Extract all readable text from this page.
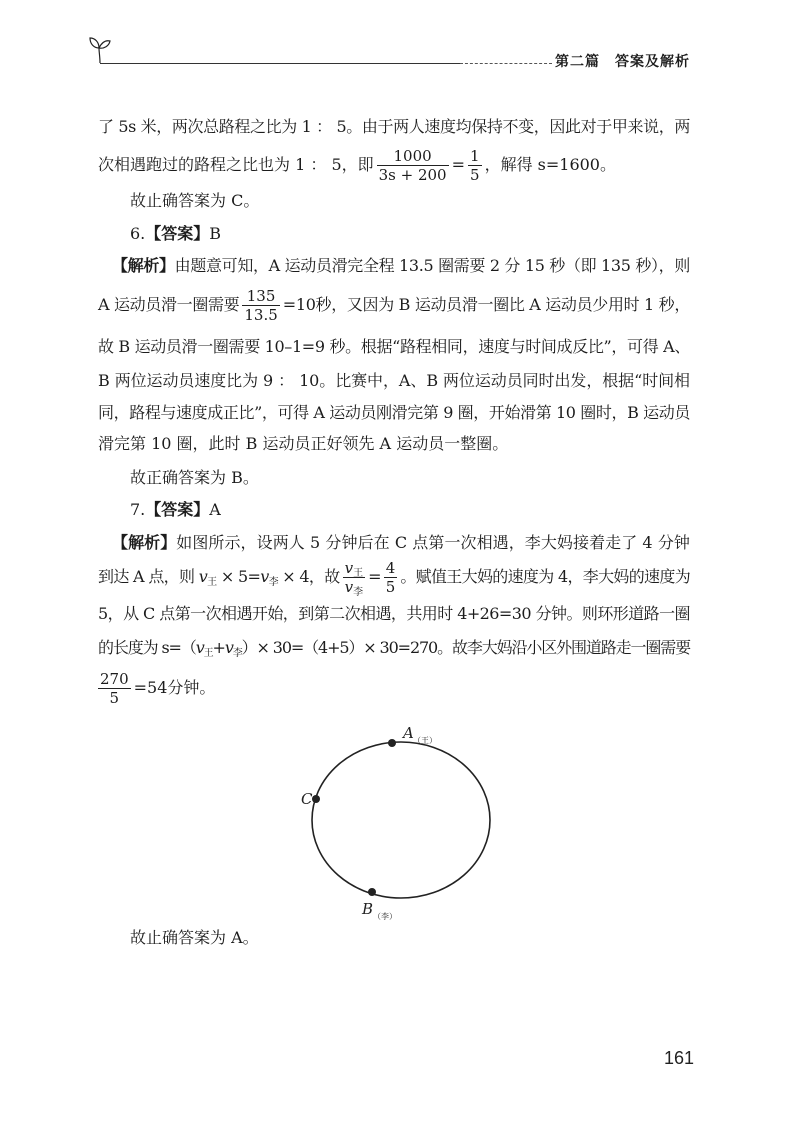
第二篇　答案及解析
了 5s 米，两次总路程之比为 1 ： 5。由于两人速度均保持不变，因此对于甲来说，两
次相遇跑过的路程之比也为 1 ： 5，即 $\frac{1000}{3s + 200} = \frac{1}{5}$ ，解得 s=1600。
故止确答案为 C。
6.【答案】B
【解析】由题意可知，A 运动员滑完全程 13.5 圈需要 2 分 15 秒（即 135 秒），则
A 运动员滑一圈需要 $\frac{135}{13.5} =10$秒，又因为 B 运动员滑一圈比 A 运动员少用时 1 秒，
故 B 运动员滑一圈需要 10–1=9 秒。根据“路程相同，速度与时间成反比”，可得 A、
B 两位运动员速度比为 9 ： 10。比赛中，A、B 两位运动员同时出发，根据“时间相
同，路程与速度成正比”，可得 A 运动员刚滑完第 9 圈，开始滑第 10 圈时，B 运动员
滑完第 10 圈，此时 B 运动员正好领先 A 运动员一整圈。
故正确答案为 B。
7.【答案】A
【解析】如图所示，设两人 5 分钟后在 C 点第一次相遇，李大妈接着走了 4 分钟
到达 A 点，则 $v_王 \times 5=v_李 \times 4$，故 $\frac{v_王}{v_李} = \frac{4}{5}$ 。赋值王大妈的速度为 4，李大妈的速度为
5，从 C 点第一次相遇开始，到第二次相遇，共用时 4+26=30 分钟。则环形道路一圈
的长度为 $s=(v_王+v_李)\times 30=(4+5)\times 30=270$。故李大妈沿小区外围道路走一圈需要
$\frac{270}{5} =54$分钟。
A （王）
C
B （李）
故止确答案为 A。
161
